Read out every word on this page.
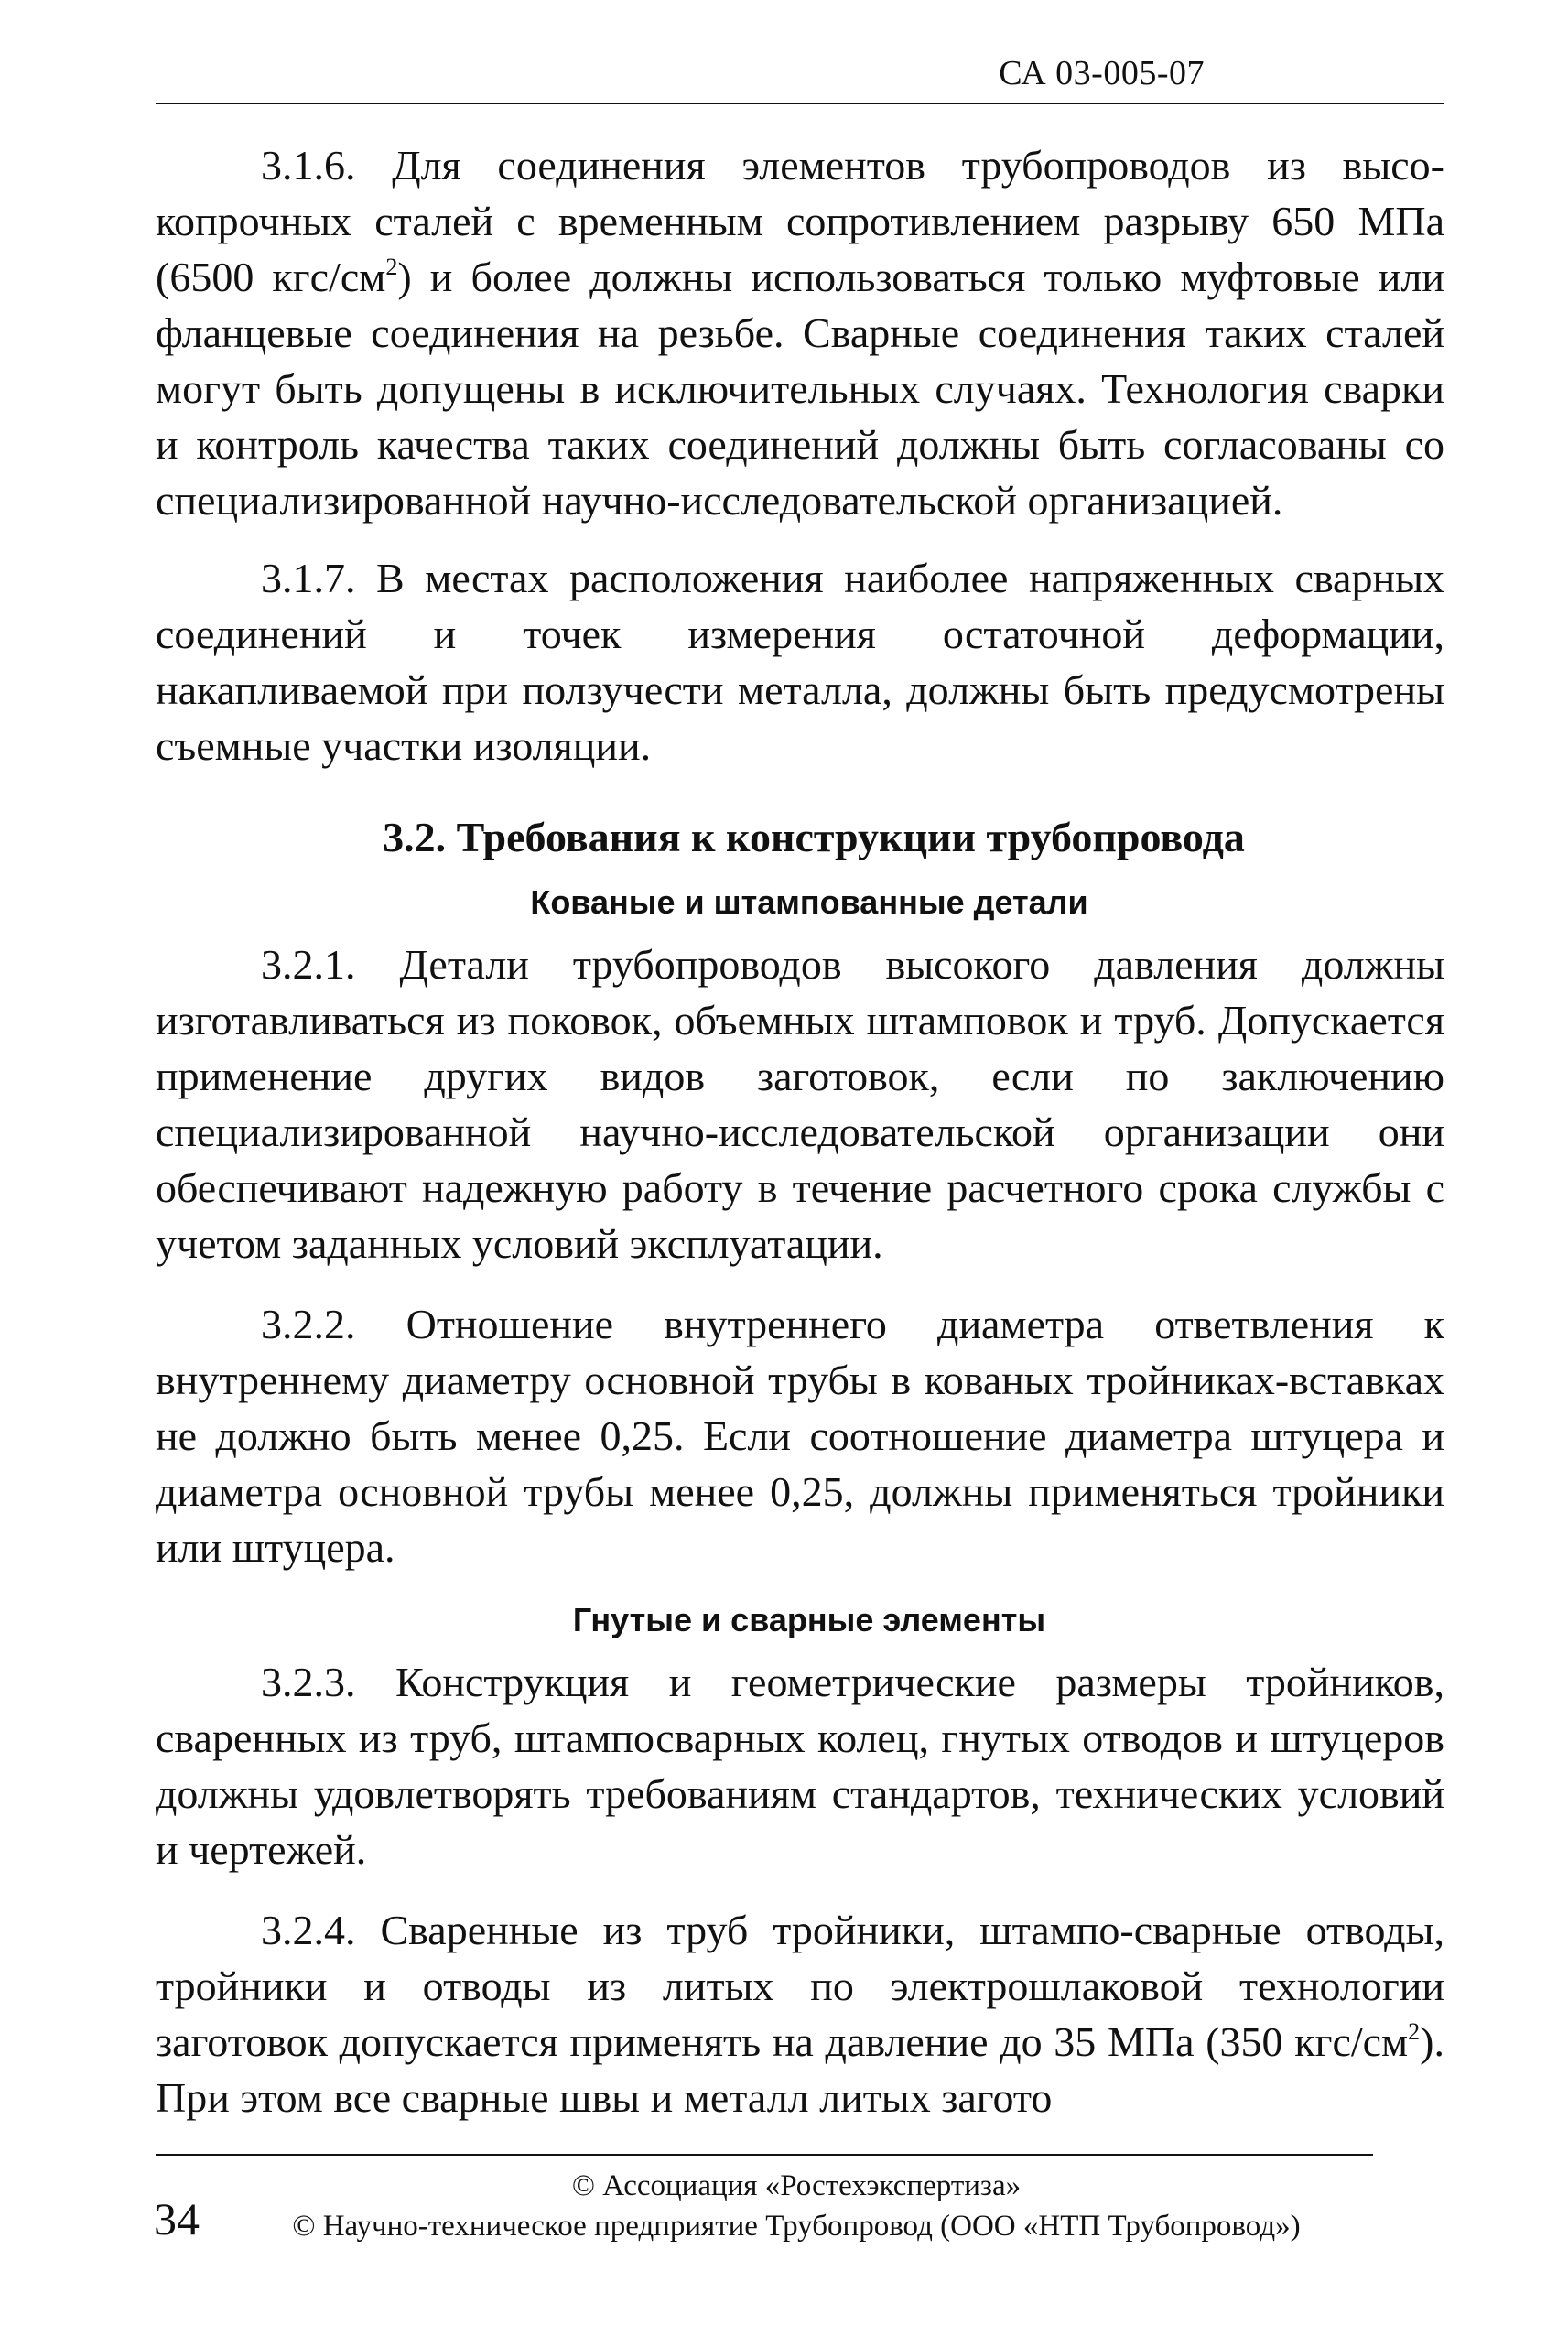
СА 03-005-07

3.1.6. Для соединения элементов трубопроводов из высокопрочных сталей с временным сопротивлением разрыву 650 МПа (6500 кгс/$см^2$) и более должны использоваться только муфтовые или фланцевые соединения на резьбе. Сварные соединения таких сталей могут быть допущены в исключительных случаях. Технология сварки и контроль качества таких соединений должны быть согласованы со специализированной научно-исследовательской организацией.

3.1.7. В местах расположения наиболее напряженных сварных соединений и точек измерения остаточной деформации, накапливаемой при ползучести металла, должны быть предусмотрены съемные участки изоляции.

3.2. Требования к конструкции трубопровода
Кованые и штампованные детали

3.2.1. Детали трубопроводов высокого давления должны изготавливаться из поковок, объемных штамповок и труб. Допускается применение других видов заготовок, если по заключению специализированной научно-исследовательской организации они обеспечивают надежную работу в течение расчетного срока службы с учетом заданных условий эксплуатации.

3.2.2. Отношение внутреннего диаметра ответвления к внутреннему диаметру основной трубы в кованых тройниках-вставках не должно быть менее 0,25. Если соотношение диаметра штуцера и диаметра основной трубы менее 0,25, должны применяться тройники или штуцера.

Гнутые и сварные элементы

3.2.3. Конструкция и геометрические размеры тройников, сваренных из труб, штампосварных колец, гнутых отводов и штуцеров должны удовлетворять требованиям стандартов, технических условий и чертежей.

3.2.4. Сваренные из труб тройники, штампо-сварные отводы, тройники и отводы из литых по электрошлаковой технологии заготовок допускается применять на давление до 35 МПа (350 кгс/$см^2$). При этом все сварные швы и металл литых загото

34
© Ассоциация «Ростехэкспертиза»
© Научно-техническое предприятие Трубопровод (ООО «НТП Трубопровод»)
